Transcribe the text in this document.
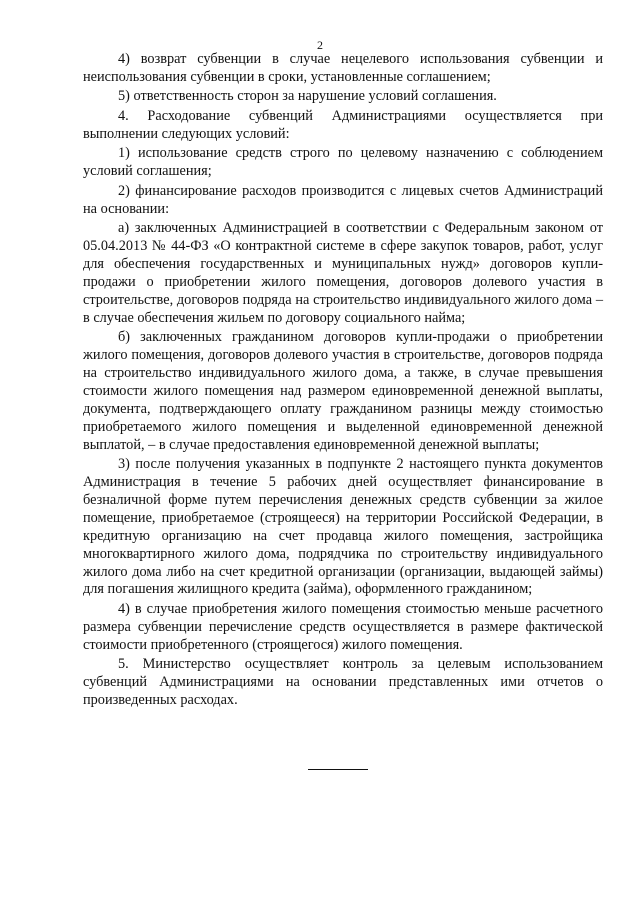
2

4) возврат субвенции в случае нецелевого использования субвенции и неиспользования субвенции в сроки, установленные соглашением;

5) ответственность сторон за нарушение условий соглашения.

4. Расходование субвенций Администрациями осуществляется при выполнении следующих условий:

1) использование средств строго по целевому назначению с соблюдением условий соглашения;

2) финансирование расходов производится с лицевых счетов Администраций на основании:

а) заключенных Администрацией в соответствии с Федеральным законом от 05.04.2013 № 44-ФЗ «О контрактной системе в сфере закупок товаров, работ, услуг для обеспечения государственных и муниципальных нужд» договоров купли-продажи о приобретении жилого помещения, договоров долевого участия в строительстве, договоров подряда на строительство индивидуального жилого дома – в случае обеспечения жильем по договору социального найма;

б) заключенных гражданином договоров купли-продажи о приобретении жилого помещения, договоров долевого участия в строительстве, договоров подряда на строительство индивидуального жилого дома, а также, в случае превышения стоимости жилого помещения над размером единовременной денежной выплаты, документа, подтверждающего оплату гражданином разницы между стоимостью приобретаемого жилого помещения и выделенной единовременной денежной выплатой, – в случае предоставления единовременной денежной выплаты;

3) после получения указанных в подпункте 2 настоящего пункта документов Администрация в течение 5 рабочих дней осуществляет финансирование в безналичной форме путем перечисления денежных средств субвенции за жилое помещение, приобретаемое (строящееся) на территории Российской Федерации, в кредитную организацию на счет продавца жилого помещения, застройщика многоквартирного жилого дома, подрядчика по строительству индивидуального жилого дома либо на счет кредитной организации (организации, выдающей займы) для погашения жилищного кредита (займа), оформленного гражданином;

4) в случае приобретения жилого помещения стоимостью меньше расчетного размера субвенции перечисление средств осуществляется в размере фактической стоимости приобретенного (строящегося) жилого помещения.

5. Министерство осуществляет контроль за целевым использованием субвенций Администрациями на основании представленных ими отчетов о произведенных расходах.
